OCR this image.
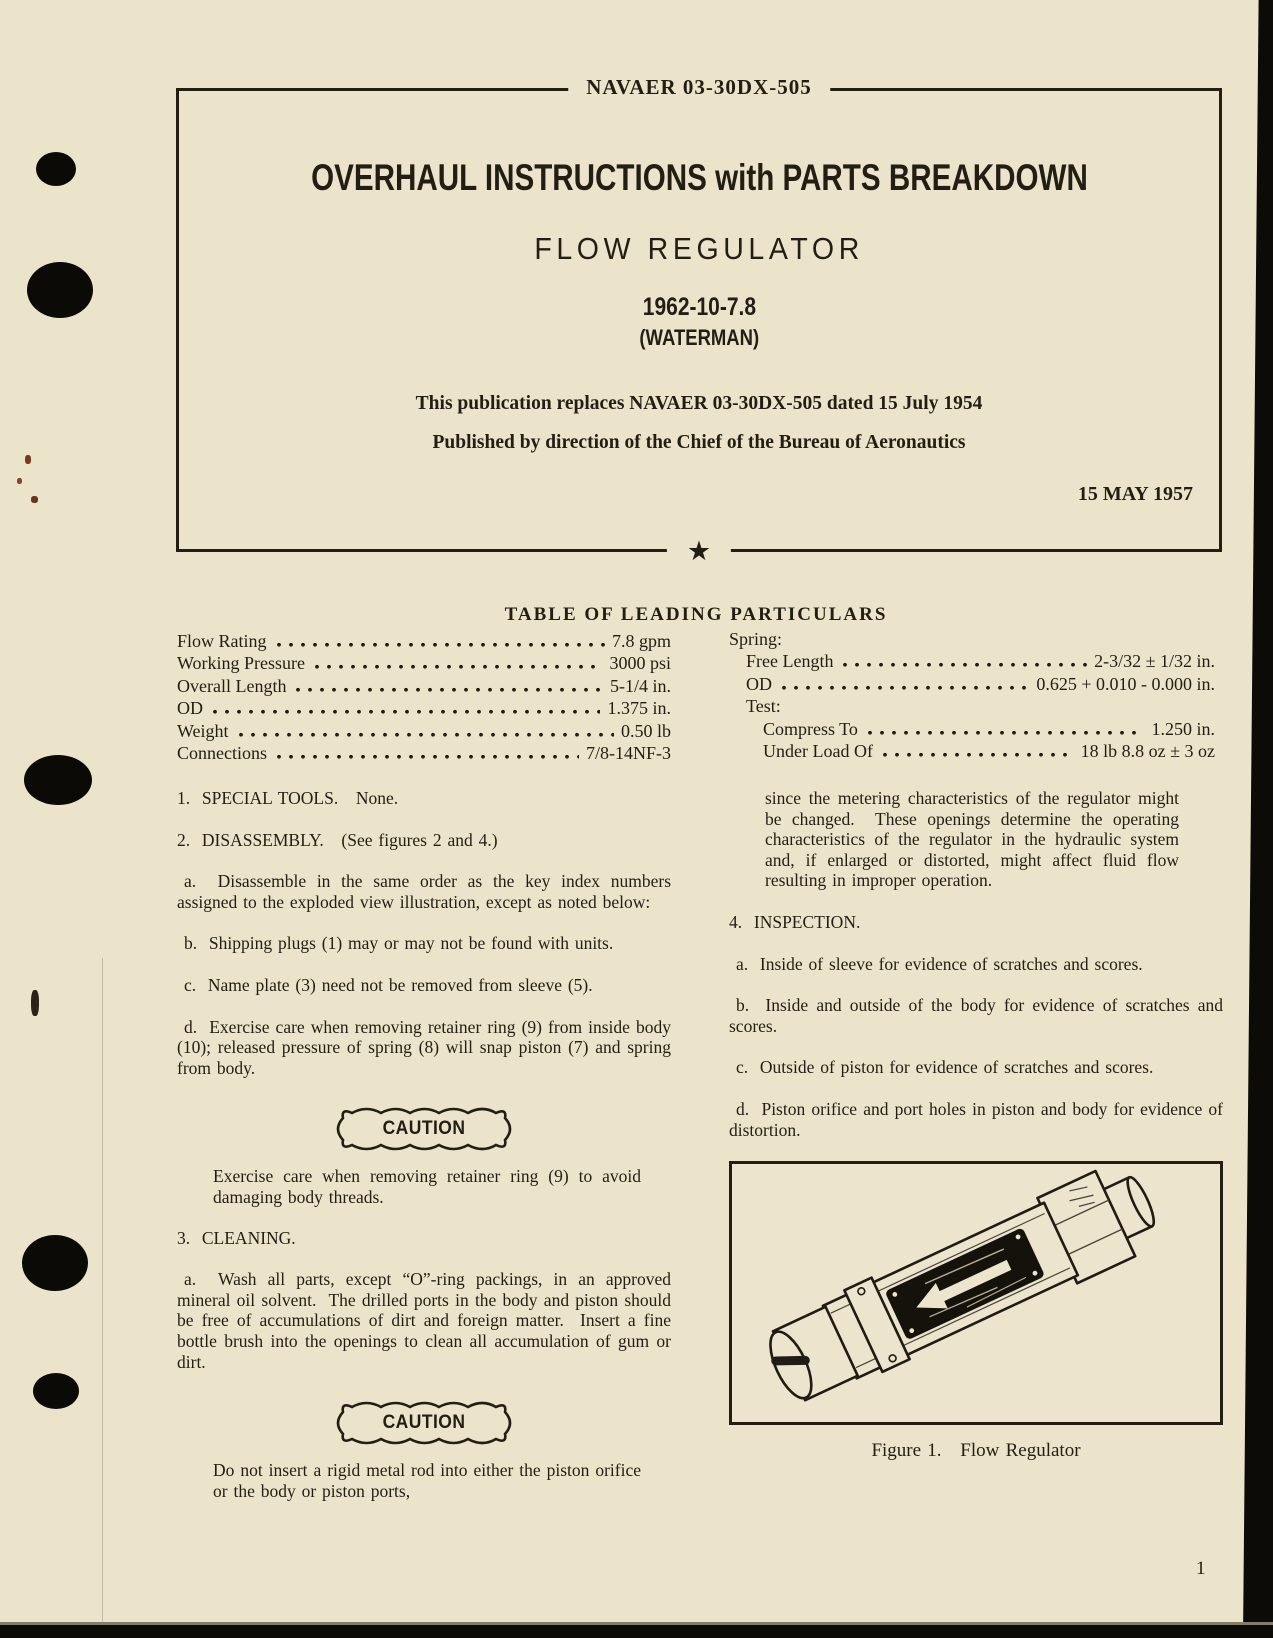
NAVAER 03-30DX-505
OVERHAUL INSTRUCTIONS with PARTS BREAKDOWN
FLOW REGULATOR
1962-10-7.8
(WATERMAN)
This publication replaces NAVAER 03-30DX-505 dated 15 July 1954
Published by direction of the Chief of the Bureau of Aeronautics
15 MAY 1957
★
TABLE OF LEADING PARTICULARS
Flow Rating	7.8 gpm
Working Pressure	3000 psi
Overall Length	5-1/4 in.
OD	1.375 in.
Weight	0.50 lb
Connections	7/8-14NF-3
Spring:
Free Length	2-3/32 ± 1/32 in.
OD	0.625 + 0.010 - 0.000 in.
Test:
Compress To	1.250 in.
Under Load Of	18 lb 8.8 oz ± 3 oz

1.  SPECIAL TOOLS.   None.

2.  DISASSEMBLY.   (See figures 2 and 4.)

a.  Disassemble in the same order as the key index numbers assigned to the exploded view illustration, except as noted below:

b.  Shipping plugs (1) may or may not be found with units.

c.  Name plate (3) need not be removed from sleeve (5).

d.  Exercise care when removing retainer ring (9) from inside body (10); released pressure of spring (8) will snap piston (7) and spring from body.

CAUTION

Exercise care when removing retainer ring (9) to avoid damaging body threads.

3.  CLEANING.

a.  Wash all parts, except “O”-ring packings, in an approved mineral oil solvent.  The drilled ports in the body and piston should be free of accumulations of dirt and foreign matter.  Insert a fine bottle brush into the openings to clean all accumulation of gum or dirt.

CAUTION

Do not insert a rigid metal rod into either the piston orifice or the body or piston ports,

since the metering characteristics of the regulator might be changed.  These openings determine the operating characteristics of the regulator in the hydraulic system and, if enlarged or distorted, might affect fluid flow resulting in improper operation.

4.  INSPECTION.

a.  Inside of sleeve for evidence of scratches and scores.

b.  Inside and outside of the body for evidence of scratches and scores.

c.  Outside of piston for evidence of scratches and scores.

d.  Piston orifice and port holes in piston and body for evidence of distortion.

Figure 1.   Flow Regulator
1
